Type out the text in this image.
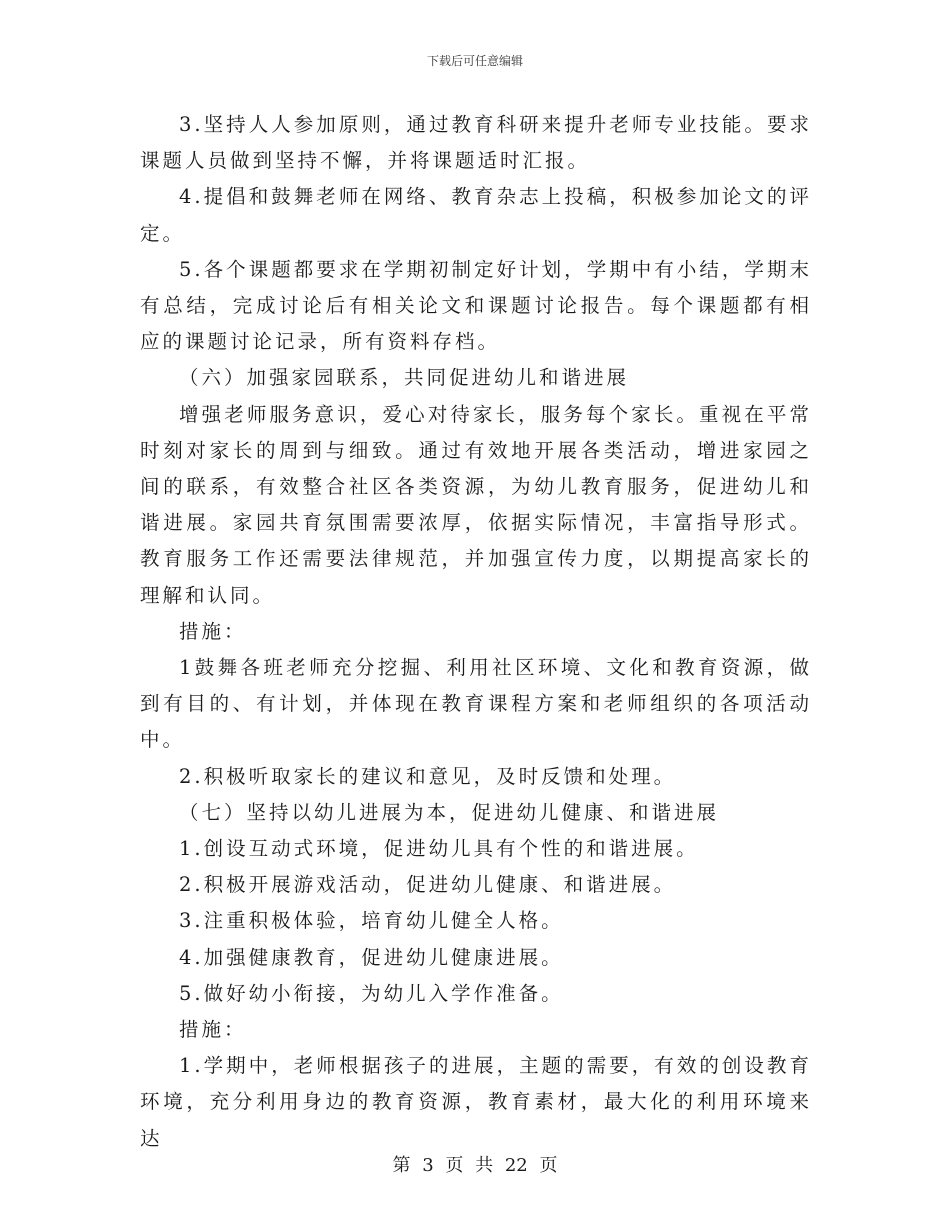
下载后可任意编辑

3.坚持人人参加原则，通过教育科研来提升老师专业技能。要求课题人员做到坚持不懈，并将课题适时汇报。

4.提倡和鼓舞老师在网络、教育杂志上投稿，积极参加论文的评定。

5.各个课题都要求在学期初制定好计划，学期中有小结，学期末有总结，完成讨论后有相关论文和课题讨论报告。每个课题都有相应的课题讨论记录，所有资料存档。

（六）加强家园联系，共同促进幼儿和谐进展

增强老师服务意识，爱心对待家长，服务每个家长。重视在平常时刻对家长的周到与细致。通过有效地开展各类活动，增进家园之间的联系，有效整合社区各类资源，为幼儿教育服务，促进幼儿和谐进展。家园共育氛围需要浓厚，依据实际情况，丰富指导形式。教育服务工作还需要法律规范，并加强宣传力度，以期提高家长的理解和认同。

措施：

1鼓舞各班老师充分挖掘、利用社区环境、文化和教育资源，做到有目的、有计划，并体现在教育课程方案和老师组织的各项活动中。

2.积极听取家长的建议和意见，及时反馈和处理。

（七）坚持以幼儿进展为本，促进幼儿健康、和谐进展

1.创设互动式环境，促进幼儿具有个性的和谐进展。

2.积极开展游戏活动，促进幼儿健康、和谐进展。

3.注重积极体验，培育幼儿健全人格。

4.加强健康教育，促进幼儿健康进展。

5.做好幼小衔接，为幼儿入学作准备。

措施：

1.学期中，老师根据孩子的进展，主题的需要，有效的创设教育环境，充分利用身边的教育资源，教育素材，最大化的利用环境来达

第 3 页 共 22 页
